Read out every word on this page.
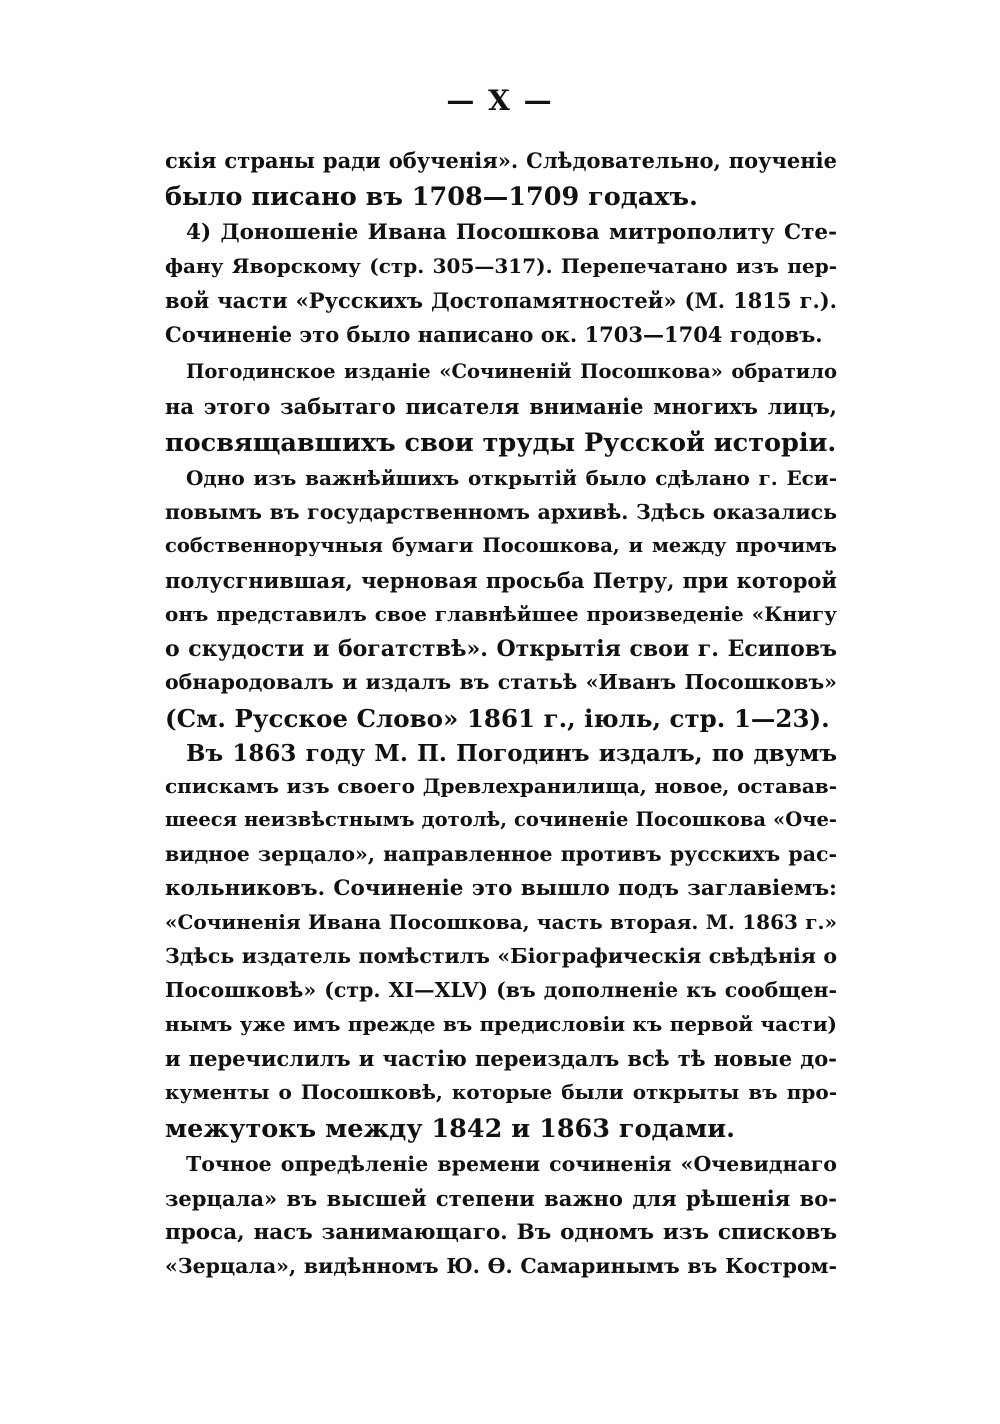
— X —
скія страны ради обученія». Слѣдовательно, поученіе
было писано въ 1708—1709 годахъ.
4) Доношеніе Ивана Посошкова митрополиту Сте-
фану Яворскому (стр. 305—317). Перепечатано изъ пер-
вой части «Русскихъ Достопамятностей» (М. 1815 г.).
Сочиненіе это было написано ок. 1703—1704 годовъ.
Погодинское изданіе «Сочиненій Посошкова» обратило
на этого забытаго писателя вниманіе многихъ лицъ,
посвящавшихъ свои труды Русской исторіи.
Одно изъ важнѣйшихъ открытій было сдѣлано г. Еси-
повымъ въ государственномъ архивѣ. Здѣсь оказались
собственноручныя бумаги Посошкова, и между прочимъ
полусгнившая, черновая просьба Петру, при которой
онъ представилъ свое главнѣйшее произведеніе «Книгу
о скудости и богатствѣ». Открытія свои г. Есиповъ
обнародовалъ и издалъ въ статьѣ «Иванъ Посошковъ»
(См. Русское Слово» 1861 г., іюль, стр. 1—23).
Въ 1863 году М. П. Погодинъ издалъ, по двумъ
спискамъ изъ своего Древлехранилища, новое, оставав-
шееся неизвѣстнымъ дотолѣ, сочиненіе Посошкова «Оче-
видное зерцало», направленное противъ русскихъ рас-
кольниковъ. Сочиненіе это вышло подъ заглавіемъ:
«Сочиненія Ивана Посошкова, часть вторая. М. 1863 г.»
Здѣсь издатель помѣстилъ «Біографическія свѣдѣнія о
Посошковѣ» (стр. XI—XLV) (въ дополненіе къ сообщен-
нымъ уже имъ прежде въ предисловіи къ первой части)
и перечислилъ и частію переиздалъ всѣ тѣ новые до-
кументы о Посошковѣ, которые были открыты въ про-
межутокъ между 1842 и 1863 годами.
Точное опредѣленіе времени сочиненія «Очевиднаго
зерцала» въ высшей степени важно для рѣшенія во-
проса, насъ занимающаго. Въ одномъ изъ списковъ
«Зерцала», видѣнномъ Ю. Ѳ. Самаринымъ въ Костром-
